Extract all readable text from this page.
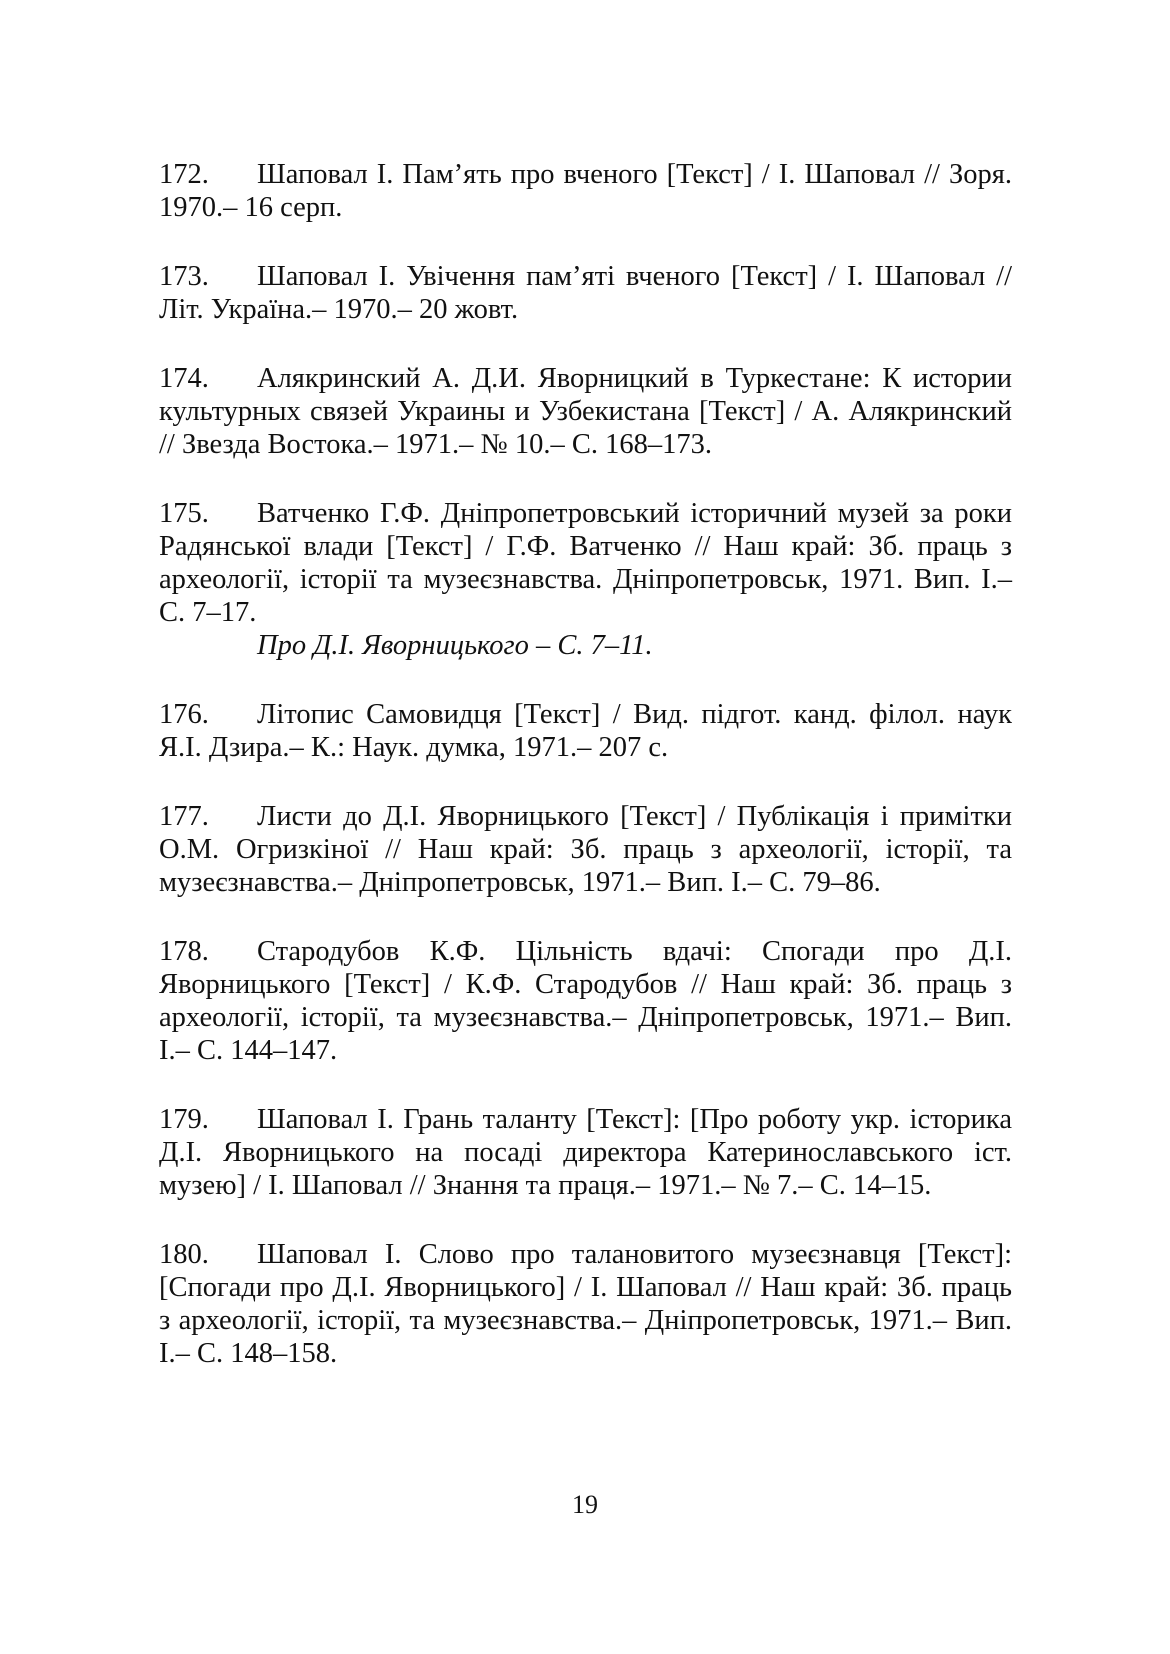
172. Шаповал І. Пам’ять про вченого [Текст] / І. Шаповал // Зоря. 1970.– 16 серп.

173. Шаповал І. Увічення пам’яті вченого [Текст] / І. Шаповал // Літ. Україна.– 1970.– 20 жовт.

174. Алякринский А. Д.И. Яворницкий в Туркестане: К истории культурных связей Украины и Узбекистана [Текст] / А. Алякринский // Звезда Востока.– 1971.– № 10.– С. 168–173.

175. Ватченко Г.Ф. Дніпропетровський історичний музей за роки Радянської влади [Текст] / Г.Ф. Ватченко // Наш край: Зб. праць з археології, історії та музеєзнавства. Дніпропетровськ, 1971. Вип. І.– С. 7–17.
Про Д.І. Яворницького – С. 7–11.

176. Літопис Самовидця [Текст] / Вид. підгот. канд. філол. наук Я.І. Дзира.– К.: Наук. думка, 1971.– 207 с.

177. Листи до Д.І. Яворницького [Текст] / Публікація і примітки О.М. Огризкіної // Наш край: Зб. праць з археології, історії, та музеєзнавства.– Дніпропетровськ, 1971.– Вип. І.– С. 79–86.

178. Стародубов К.Ф. Цільність вдачі: Спогади про Д.І. Яворницького [Текст] / К.Ф. Стародубов // Наш край: Зб. праць з археології, історії, та музеєзнавства.– Дніпропетровськ, 1971.– Вип. І.– С. 144–147.

179. Шаповал І. Грань таланту [Текст]: [Про роботу укр. історика Д.І. Яворницького на посаді директора Катеринославського іст. музею] / І. Шаповал // Знання та праця.– 1971.– № 7.– С. 14–15.

180. Шаповал І. Слово про талановитого музеєзнавця [Текст]: [Спогади про Д.І. Яворницького] / І. Шаповал // Наш край: Зб. праць з археології, історії, та музеєзнавства.– Дніпропетровськ, 1971.– Вип. І.– С. 148–158.

19
